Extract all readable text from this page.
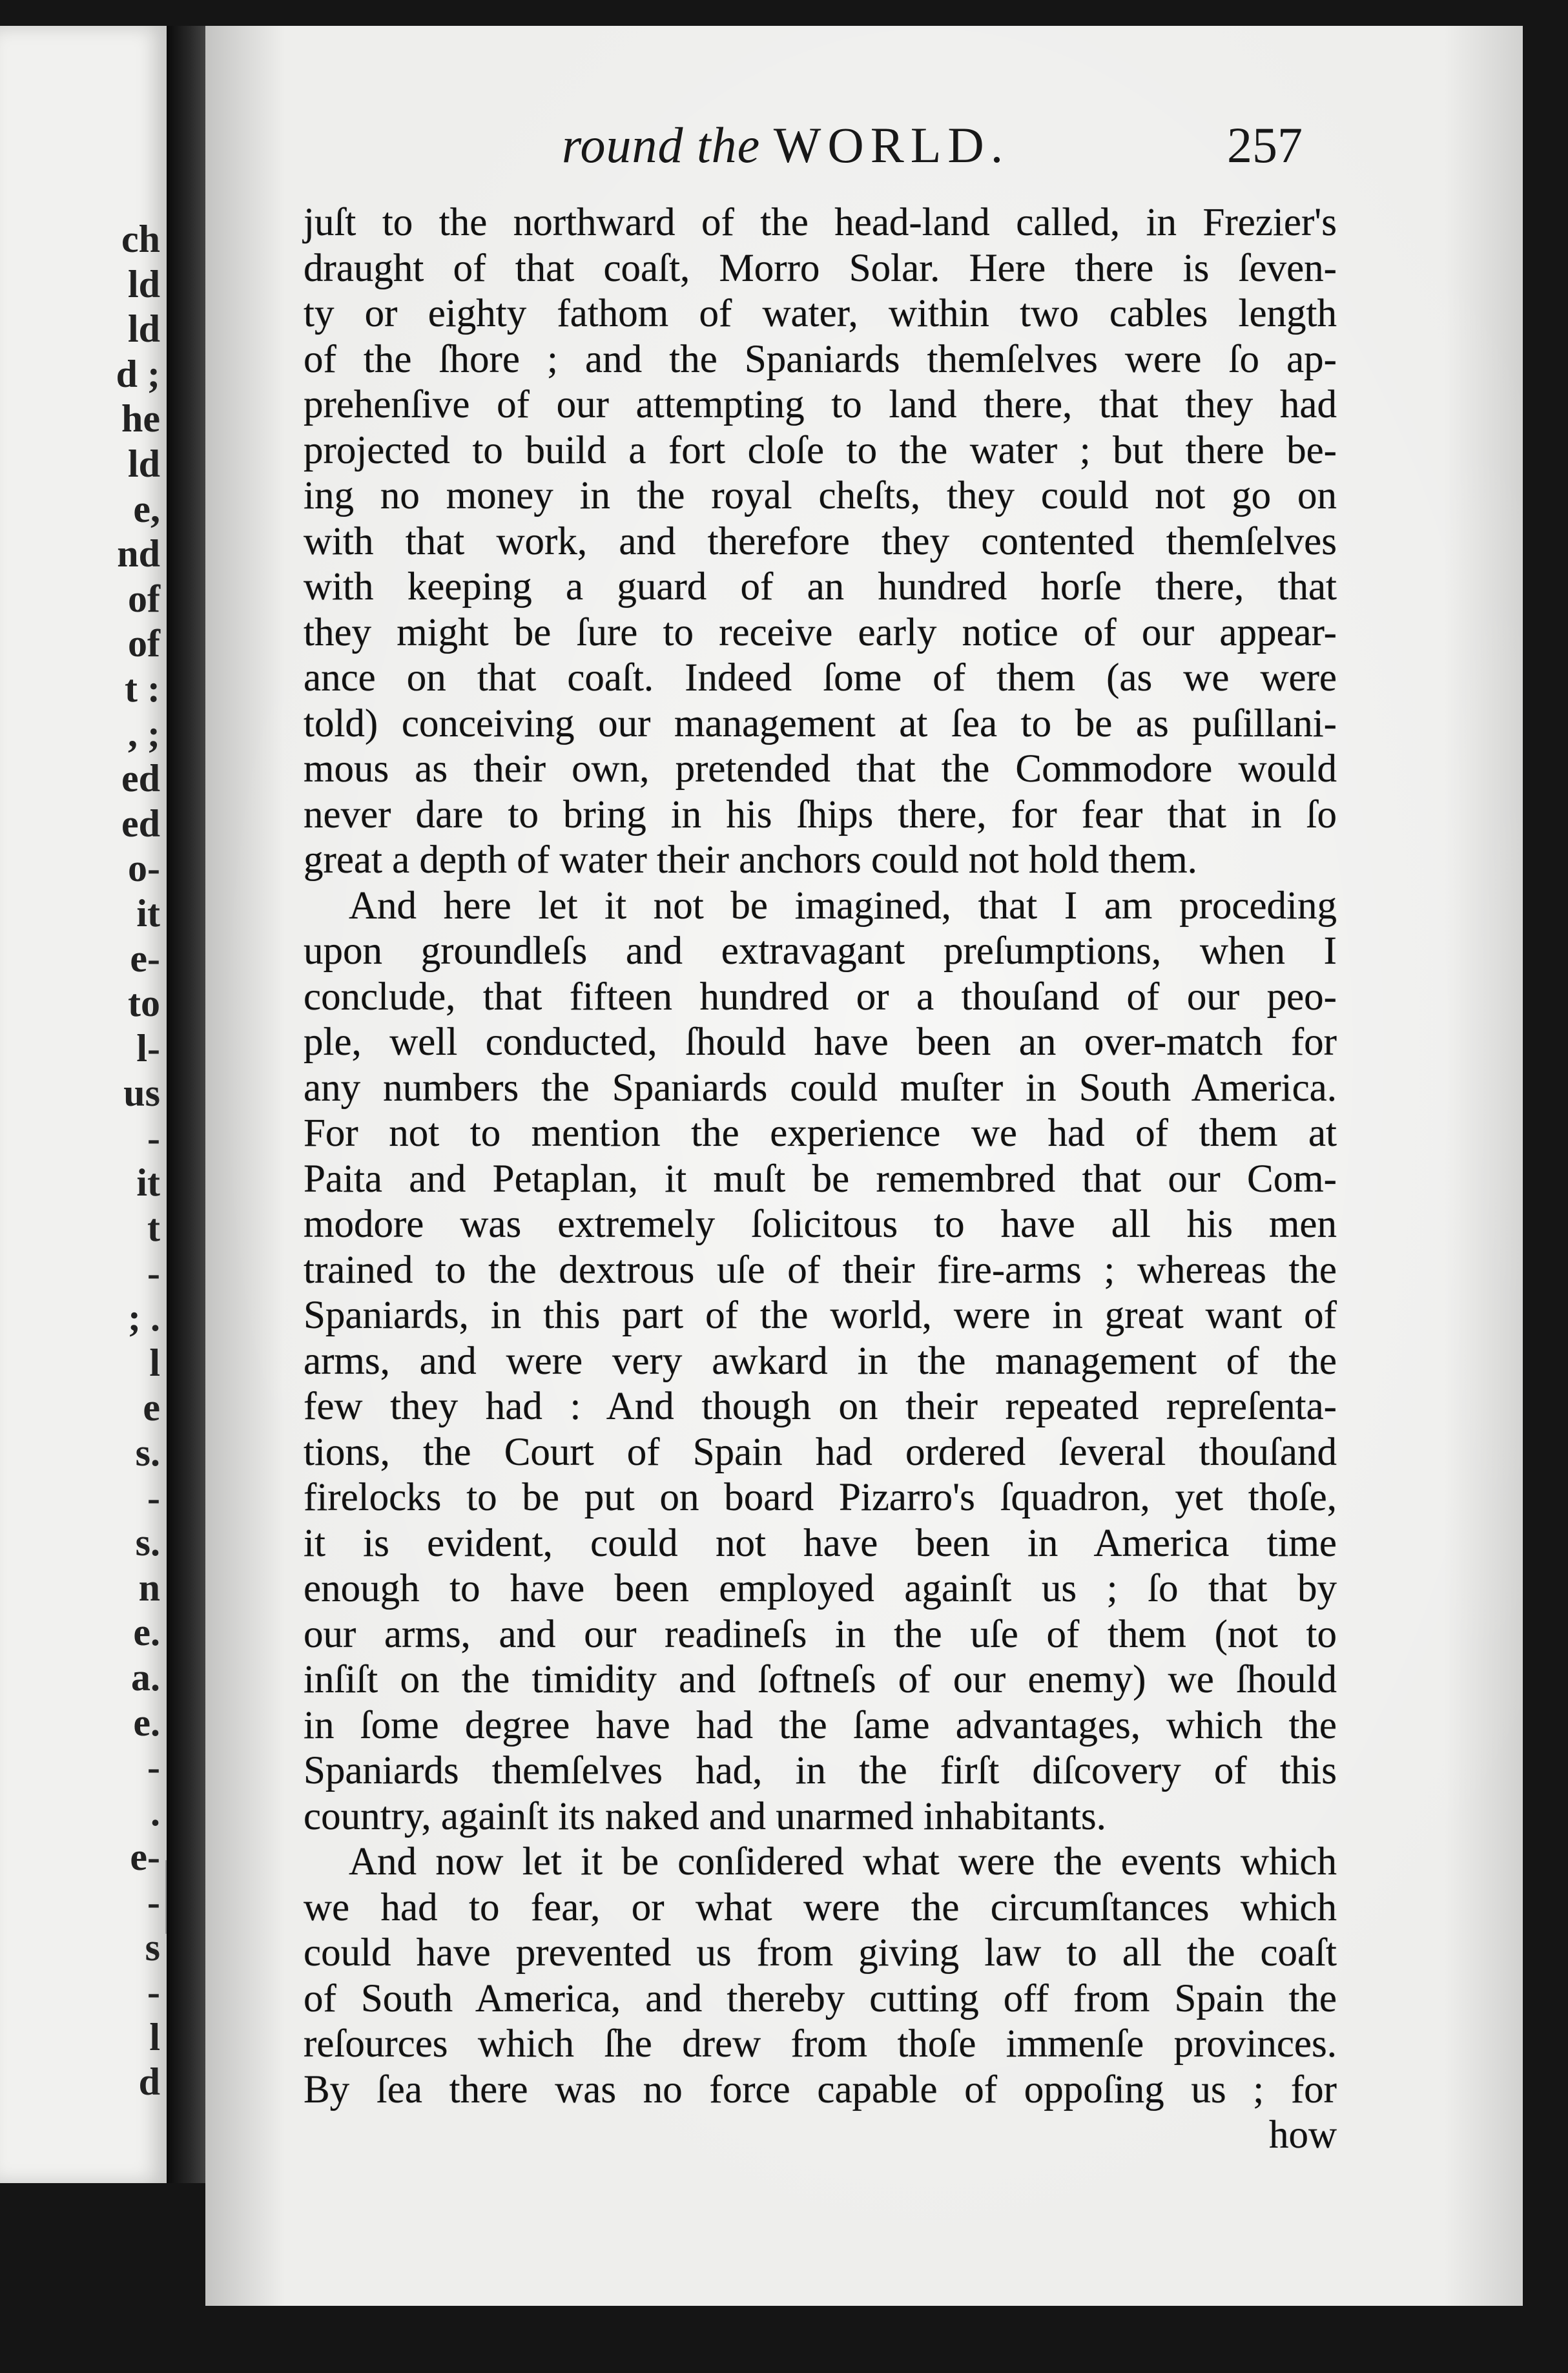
ch
ld
ld
d ;
he
ld
e,
nd
of
of
t :
, ;
ed
ed
o-
it
e-
to
l-
us
-
it
t
-
; .
l
e
s.
-
s.
n
e.
a.
e.
-
.
e-
-
s
-
l
d
round the WORLD.	257
juſt to the northward of the head-land called, in Frezier's
draught of that coaſt, Morro Solar. Here there is ſeven-
ty or eighty fathom of water, within two cables length
of the ſhore ; and the Spaniards themſelves were ſo ap-
prehenſive of our attempting to land there, that they had
projected to build a fort cloſe to the water ; but there be-
ing no money in the royal cheſts, they could not go on
with that work, and therefore they contented themſelves
with keeping a guard of an hundred horſe there, that
they might be ſure to receive early notice of our appear-
ance on that coaſt. Indeed ſome of them (as we were
told) conceiving our management at ſea to be as puſillani-
mous as their own, pretended that the Commodore would
never dare to bring in his ſhips there, for fear that in ſo
great a depth of water their anchors could not hold them.
And here let it not be imagined, that I am proceding
upon groundleſs and extravagant preſumptions, when I
conclude, that fifteen hundred or a thouſand of our peo-
ple, well conducted, ſhould have been an over-match for
any numbers the Spaniards could muſter in South America.
For not to mention the experience we had of them at
Paita and Petaplan, it muſt be remembred that our Com-
modore was extremely ſolicitous to have all his men
trained to the dextrous uſe of their fire-arms ; whereas the
Spaniards, in this part of the world, were in great want of
arms, and were very awkard in the management of the
few they had : And though on their repeated repreſenta-
tions, the Court of Spain had ordered ſeveral thouſand
firelocks to be put on board Pizarro's ſquadron, yet thoſe,
it is evident, could not have been in America time
enough to have been employed againſt us ; ſo that by
our arms, and our readineſs in the uſe of them (not to
inſiſt on the timidity and ſoftneſs of our enemy) we ſhould
in ſome degree have had the ſame advantages, which the
Spaniards themſelves had, in the firſt diſcovery of this
country, againſt its naked and unarmed inhabitants.
And now let it be conſidered what were the events which
we had to fear, or what were the circumſtances which
could have prevented us from giving law to all the coaſt
of South America, and thereby cutting off from Spain the
reſources which ſhe drew from thoſe immenſe provinces.
By ſea there was no force capable of oppoſing us ; for
how
